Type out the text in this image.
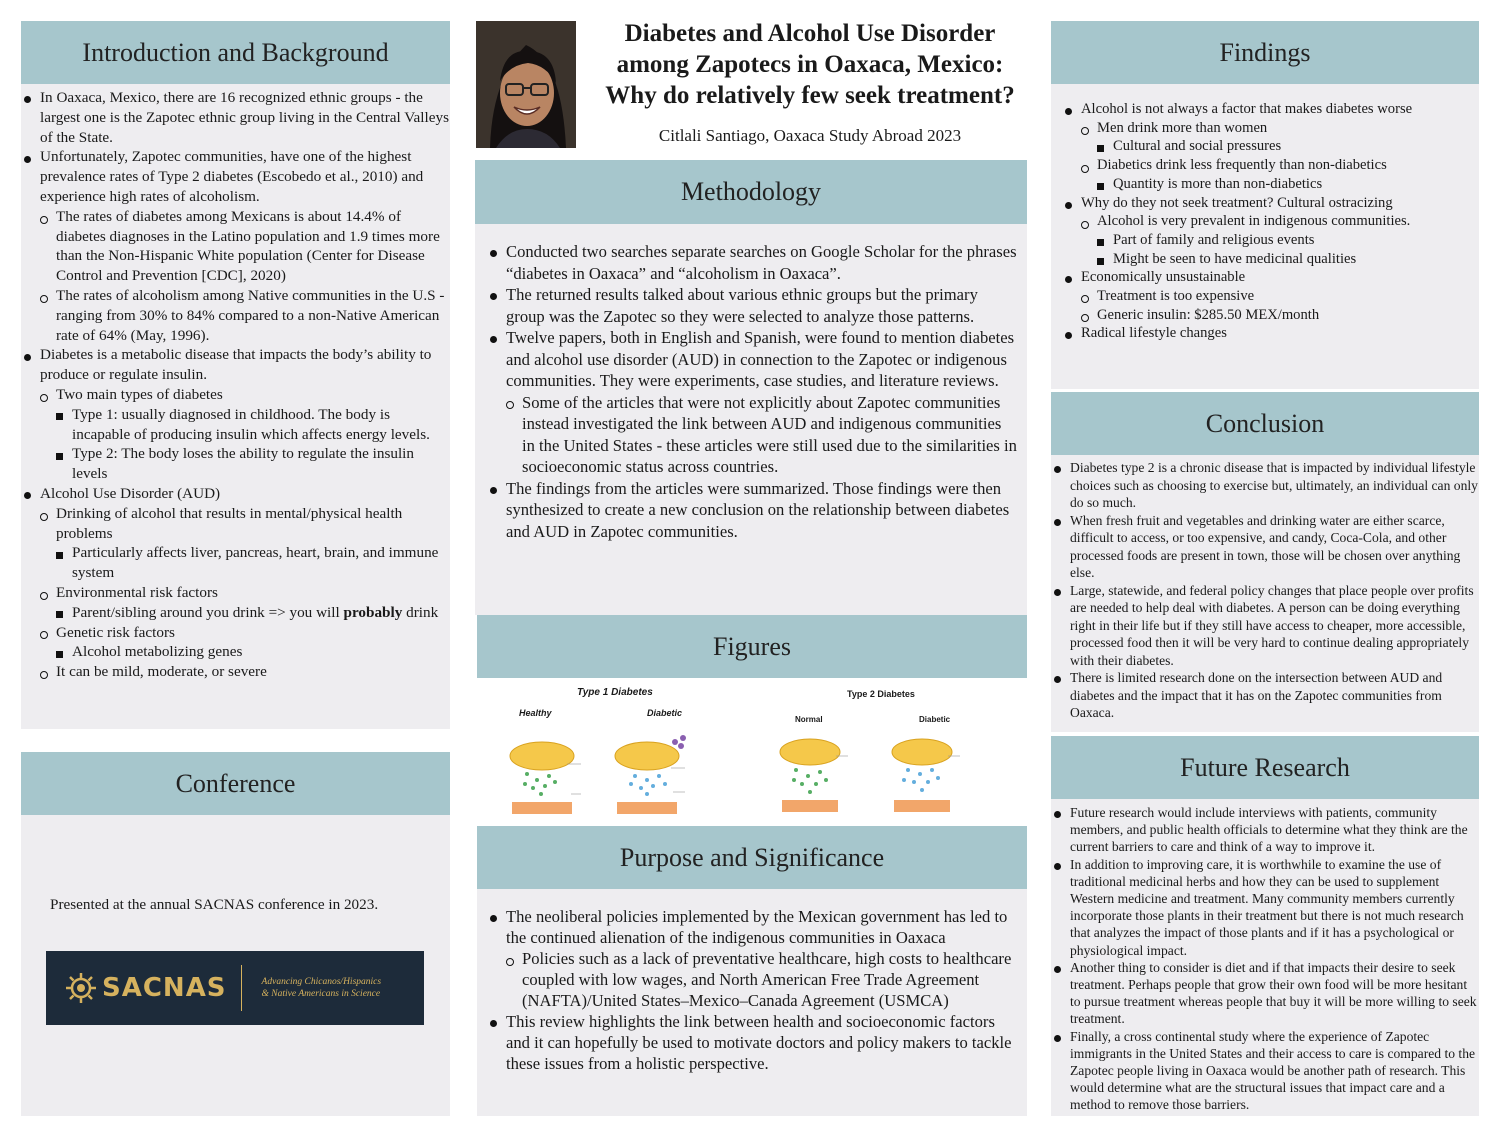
Introduction and Background
In Oaxaca, Mexico, there are 16 recognized ethnic groups - the largest one is the Zapotec ethnic group living in the Central Valleys of the State.
Unfortunately, Zapotec communities, have one of the highest prevalence rates of Type 2 diabetes (Escobedo et al., 2010) and experience high rates of alcoholism.
The rates of diabetes among Mexicans is about 14.4% of diabetes diagnoses in the Latino population and 1.9 times more than the Non-Hispanic White population (Center for Disease Control and Prevention [CDC], 2020)
The rates of alcoholism among Native communities in the U.S - ranging from 30% to 84% compared to a non-Native American rate of 64% (May, 1996).
Diabetes is a metabolic disease that impacts the body’s ability to produce or regulate insulin.
Two main types of diabetes
Type 1: usually diagnosed in childhood. The body is incapable of producing insulin which affects energy levels.
Type 2: The body loses the ability to regulate the insulin levels
Alcohol Use Disorder (AUD)
Drinking of alcohol that results in mental/physical health problems
Particularly affects liver, pancreas, heart, brain, and immune system
Environmental risk factors
Parent/sibling around you drink => you will probably drink
Genetic risk factors
Alcohol metabolizing genes
It can be mild, moderate, or severe
Conference
Presented at the annual SACNAS conference in 2023.
SACNAS	Advancing Chicanos/Hispanics
& Native Americans in Science
Diabetes and Alcohol Use Disorder
among Zapotecs in Oaxaca, Mexico:
Why do relatively few seek treatment?
Citlali Santiago, Oaxaca Study Abroad 2023
Methodology
Conducted two searches separate searches on Google Scholar for the phrases “diabetes in Oaxaca” and “alcoholism in Oaxaca”.
The returned results talked about various ethnic groups but the primary group was the Zapotec so they were selected to analyze those patterns.
Twelve papers, both in English and Spanish, were found to mention diabetes and alcohol use disorder (AUD) in connection to the Zapotec or indigenous communities. They were experiments, case studies, and literature reviews.
Some of the articles that were not explicitly about Zapotec communities instead investigated the link between AUD and indigenous communities in the United States - these articles were still used due to the similarities in socioeconomic status across countries.
The findings from the articles were summarized. Those findings were then synthesized to create a new conclusion on the relationship between diabetes and AUD in Zapotec communities.
Figures
Type 1 Diabetes
Healthy	Diabetic
Type 2 Diabetes
Normal	Diabetic
Purpose and Significance
The neoliberal policies implemented by the Mexican government has led to the continued alienation of the indigenous communities in Oaxaca
Policies such as a lack of preventative healthcare, high costs to healthcare coupled with low wages, and North American Free Trade Agreement (NAFTA)/United States–Mexico–Canada Agreement (USMCA)
This review highlights the link between health and socioeconomic factors and it can hopefully be used to motivate doctors and policy makers to tackle these issues from a holistic perspective.
Findings
Alcohol is not always a factor that makes diabetes worse
Men drink more than women
Cultural and social pressures
Diabetics drink less frequently than non-diabetics
Quantity is more than non-diabetics
Why do they not seek treatment? Cultural ostracizing
Alcohol is very prevalent in indigenous communities.
Part of family and religious events
Might be seen to have medicinal qualities
Economically unsustainable
Treatment is too expensive
Generic insulin: $285.50 MEX/month
Radical lifestyle changes
Conclusion
Diabetes type 2 is a chronic disease that is impacted by individual lifestyle choices such as choosing to exercise but, ultimately, an individual can only do so much.
When fresh fruit and vegetables and drinking water are either scarce, difficult to access, or too expensive, and candy, Coca-Cola, and other processed foods are present in town, those will be chosen over anything else.
Large, statewide, and federal policy changes that place people over profits are needed to help deal with diabetes. A person can be doing everything right in their life but if they still have access to cheaper, more accessible, processed food then it will be very hard to continue dealing appropriately with their diabetes.
There is limited research done on the intersection between AUD and diabetes and the impact that it has on the Zapotec communities from Oaxaca.
Future Research
Future research would include interviews with patients, community members, and public health officials to determine what they think are the current barriers to care and think of a way to improve it.
In addition to improving care, it is worthwhile to examine the use of traditional medicinal herbs and how they can be used to supplement Western medicine and treatment. Many community members currently incorporate those plants in their treatment but there is not much research that analyzes the impact of those plants and if it has a psychological or physiological impact.
Another thing to consider is diet and if that impacts their desire to seek treatment. Perhaps people that grow their own food will be more hesitant to pursue treatment whereas people that buy it will be more willing to seek treatment.
Finally, a cross continental study where the experience of Zapotec immigrants in the United States and their access to care is compared to the Zapotec people living in Oaxaca would be another path of research. This would determine what are the structural issues that impact care and a method to remove those barriers.
